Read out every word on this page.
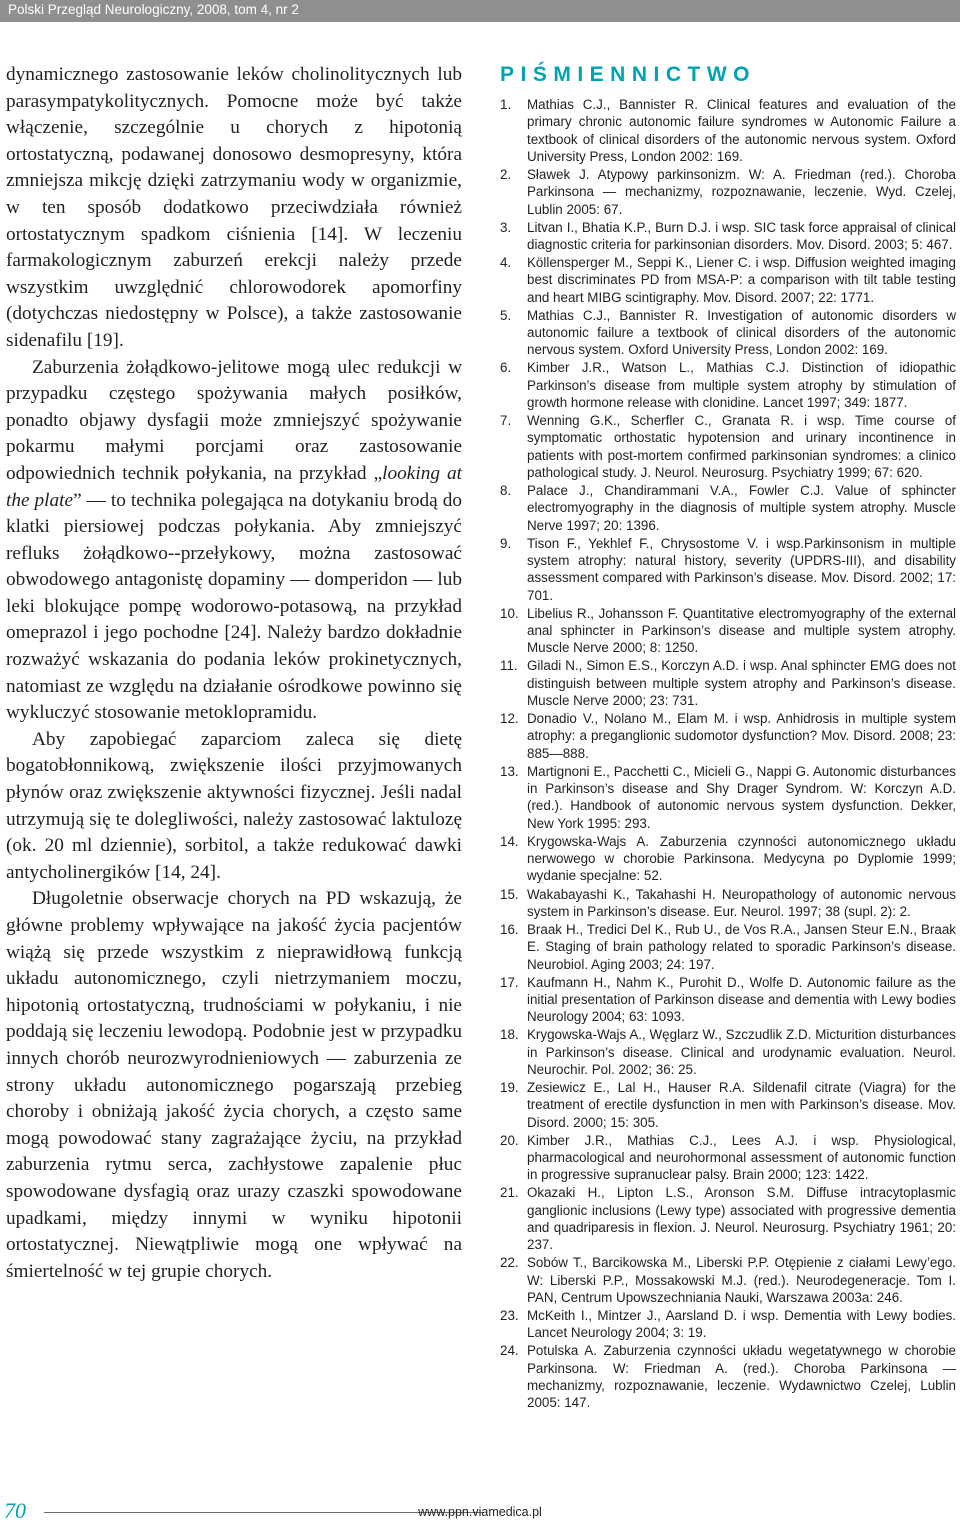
Polski Przegląd Neurologiczny, 2008, tom 4, nr 2

dynamicznego zastosowanie leków cholinolitycznych lub parasympatykolitycznych. Pomocne może być także włączenie, szczególnie u chorych z hipotonią ortostatyczną, podawanej donosowo desmopresyny, która zmniejsza mikcję dzięki zatrzymaniu wody w organizmie, w ten sposób dodatkowo przeciwdziała również ortostatycznym spadkom ciśnienia [14]. W leczeniu farmakologicznym zaburzeń erekcji należy przede wszystkim uwzględnić chlorowodorek apomorfiny (dotychczas niedostępny w Polsce), a także zastosowanie sidenafilu [19].

Zaburzenia żołądkowo-jelitowe mogą ulec redukcji w przypadku częstego spożywania małych posiłków, ponadto objawy dysfagii może zmniejszyć spożywanie pokarmu małymi porcjami oraz zastosowanie odpowiednich technik połykania, na przykład „looking at the plate” — to technika polegająca na dotykaniu brodą do klatki piersiowej podczas połykania. Aby zmniejszyć refluks żołądkowo--przełykowy, można zastosować obwodowego antagonistę dopaminy — domperidon — lub leki blokujące pompę wodorowo-potasową, na przykład omeprazol i jego pochodne [24]. Należy bardzo dokładnie rozważyć wskazania do podania leków prokinetycznych, natomiast ze względu na działanie ośrodkowe powinno się wykluczyć stosowanie metoklopramidu.

Aby zapobiegać zaparciom zaleca się dietę bogatobłonnikową, zwiększenie ilości przyjmowanych płynów oraz zwiększenie aktywności fizycznej. Jeśli nadal utrzymują się te dolegliwości, należy zastosować laktulozę (ok. 20 ml dziennie), sorbitol, a także redukować dawki antycholinergików [14, 24].

Długoletnie obserwacje chorych na PD wskazują, że główne problemy wpływające na jakość życia pacjentów wiążą się przede wszystkim z nieprawidłową funkcją układu autonomicznego, czyli nietrzymaniem moczu, hipotonią ortostatyczną, trudnościami w połykaniu, i nie poddają się leczeniu lewodopą. Podobnie jest w przypadku innych chorób neurozwyrodnieniowych — zaburzenia ze strony układu autonomicznego pogarszają przebieg choroby i obniżają jakość życia chorych, a często same mogą powodować stany zagrażające życiu, na przykład zaburzenia rytmu serca, zachłystowe zapalenie płuc spowodowane dysfagią oraz urazy czaszki spowodowane upadkami, między innymi w wyniku hipotonii ortostatycznej. Niewątpliwie mogą one wpływać na śmiertelność w tej grupie chorych.

PIŚMIENNICTWO
1.	Mathias C.J., Bannister R. Clinical features and evaluation of the primary chronic autonomic failure syndromes w Autonomic Failure a textbook of clinical disorders of the autonomic nervous system. Oxford University Press, London 2002: 169.
2.	Sławek J. Atypowy parkinsonizm. W: A. Friedman (red.). Choroba Parkinsona — mechanizmy, rozpoznawanie, leczenie. Wyd. Czelej, Lublin 2005: 67.
3.	Litvan I., Bhatia K.P., Burn D.J. i wsp. SIC task force appraisal of clinical diagnostic criteria for parkinsonian disorders. Mov. Disord. 2003; 5: 467.
4.	Köllensperger M., Seppi K., Liener C. i wsp. Diffusion weighted imaging best discriminates PD from MSA-P: a comparison with tilt table testing and heart MIBG scintigraphy. Mov. Disord. 2007; 22: 1771.
5.	Mathias C.J., Bannister R. Investigation of autonomic disorders w autonomic failure a textbook of clinical disorders of the autonomic nervous system. Oxford University Press, London 2002: 169.
6.	Kimber J.R., Watson L., Mathias C.J. Distinction of idiopathic Parkinson’s disease from multiple system atrophy by stimulation of growth hormone release with clonidine. Lancet 1997; 349: 1877.
7.	Wenning G.K., Scherfler C., Granata R. i wsp. Time course of symptomatic orthostatic hypotension and urinary incontinence in patients with post-mortem confirmed parkinsonian syndromes: a clinico pathological study. J. Neurol. Neurosurg. Psychiatry 1999; 67: 620.
8.	Palace J., Chandirammani V.A., Fowler C.J. Value of sphincter electromyography in the diagnosis of multiple system atrophy. Muscle Nerve 1997; 20: 1396.
9.	Tison F., Yekhlef F., Chrysostome V. i wsp.Parkinsonism in multiple system atrophy: natural history, severity (UPDRS-III), and disability assessment compared with Parkinson’s disease. Mov. Disord. 2002; 17: 701.
10. Libelius R., Johansson F. Quantitative electromyography of the external anal sphincter in Parkinson’s disease and multiple system atrophy. Muscle Nerve 2000; 8: 1250.
11. Giladi N., Simon E.S., Korczyn A.D. i wsp. Anal sphincter EMG does not distinguish between multiple system atrophy and Parkinson’s disease. Muscle Nerve 2000; 23: 731.
12. Donadio V., Nolano M., Elam M. i wsp. Anhidrosis in multiple system atrophy: a preganglionic sudomotor dysfunction? Mov. Disord. 2008; 23: 885—888.
13. Martignoni E., Pacchetti C., Micieli G., Nappi G. Autonomic disturbances in Parkinson’s disease and Shy Drager Syndrom. W: Korczyn A.D. (red.). Handbook of autonomic nervous system dysfunction. Dekker, New York 1995: 293.
14. Krygowska-Wajs A. Zaburzenia czynności autonomicznego układu nerwowego w chorobie Parkinsona. Medycyna po Dyplomie 1999; wydanie specjalne: 52.
15. Wakabayashi K., Takahashi H. Neuropathology of autonomic nervous system in Parkinson’s disease. Eur. Neurol. 1997; 38 (supl. 2): 2.
16. Braak H., Tredici Del K., Rub U., de Vos R.A., Jansen Steur E.N., Braak E. Staging of brain pathology related to sporadic Parkinson’s disease. Neurobiol. Aging 2003; 24: 197.
17. Kaufmann H., Nahm K., Purohit D., Wolfe D. Autonomic failure as the initial presentation of Parkinson disease and dementia with Lewy bodies Neurology 2004; 63: 1093.
18. Krygowska-Wajs A., Węglarz W., Szczudlik Z.D. Micturition disturbances in Parkinson’s disease. Clinical and urodynamic evaluation. Neurol. Neurochir. Pol. 2002; 36: 25.
19. Zesiewicz E., Lal H., Hauser R.A. Sildenafil citrate (Viagra) for the treatment of erectile dysfunction in men with Parkinson’s disease. Mov. Disord. 2000; 15: 305.
20. Kimber J.R., Mathias C.J., Lees A.J. i wsp. Physiological, pharmacological and neurohormonal assessment of autonomic function in progressive supranuclear palsy. Brain 2000; 123: 1422.
21. Okazaki H., Lipton L.S., Aronson S.M. Diffuse intracytoplasmic ganglionic inclusions (Lewy type) associated with progressive dementia and quadriparesis in flexion. J. Neurol. Neurosurg. Psychiatry 1961; 20: 237.
22. Sobów T., Barcikowska M., Liberski P.P. Otępienie z ciałami Lewy’ego. W: Liberski P.P., Mossakowski M.J. (red.). Neurodegeneracje. Tom I. PAN, Centrum Upowszechniania Nauki, Warszawa 2003a: 246.
23. McKeith I., Mintzer J., Aarsland D. i wsp. Dementia with Lewy bodies. Lancet Neurology 2004; 3: 19.
24. Potulska A. Zaburzenia czynności układu wegetatywnego w chorobie Parkinsona. W: Friedman A. (red.). Choroba Parkinsona — mechanizmy, rozpoznawanie, leczenie. Wydawnictwo Czelej, Lublin 2005: 147.
70	www.ppn.viamedica.pl
